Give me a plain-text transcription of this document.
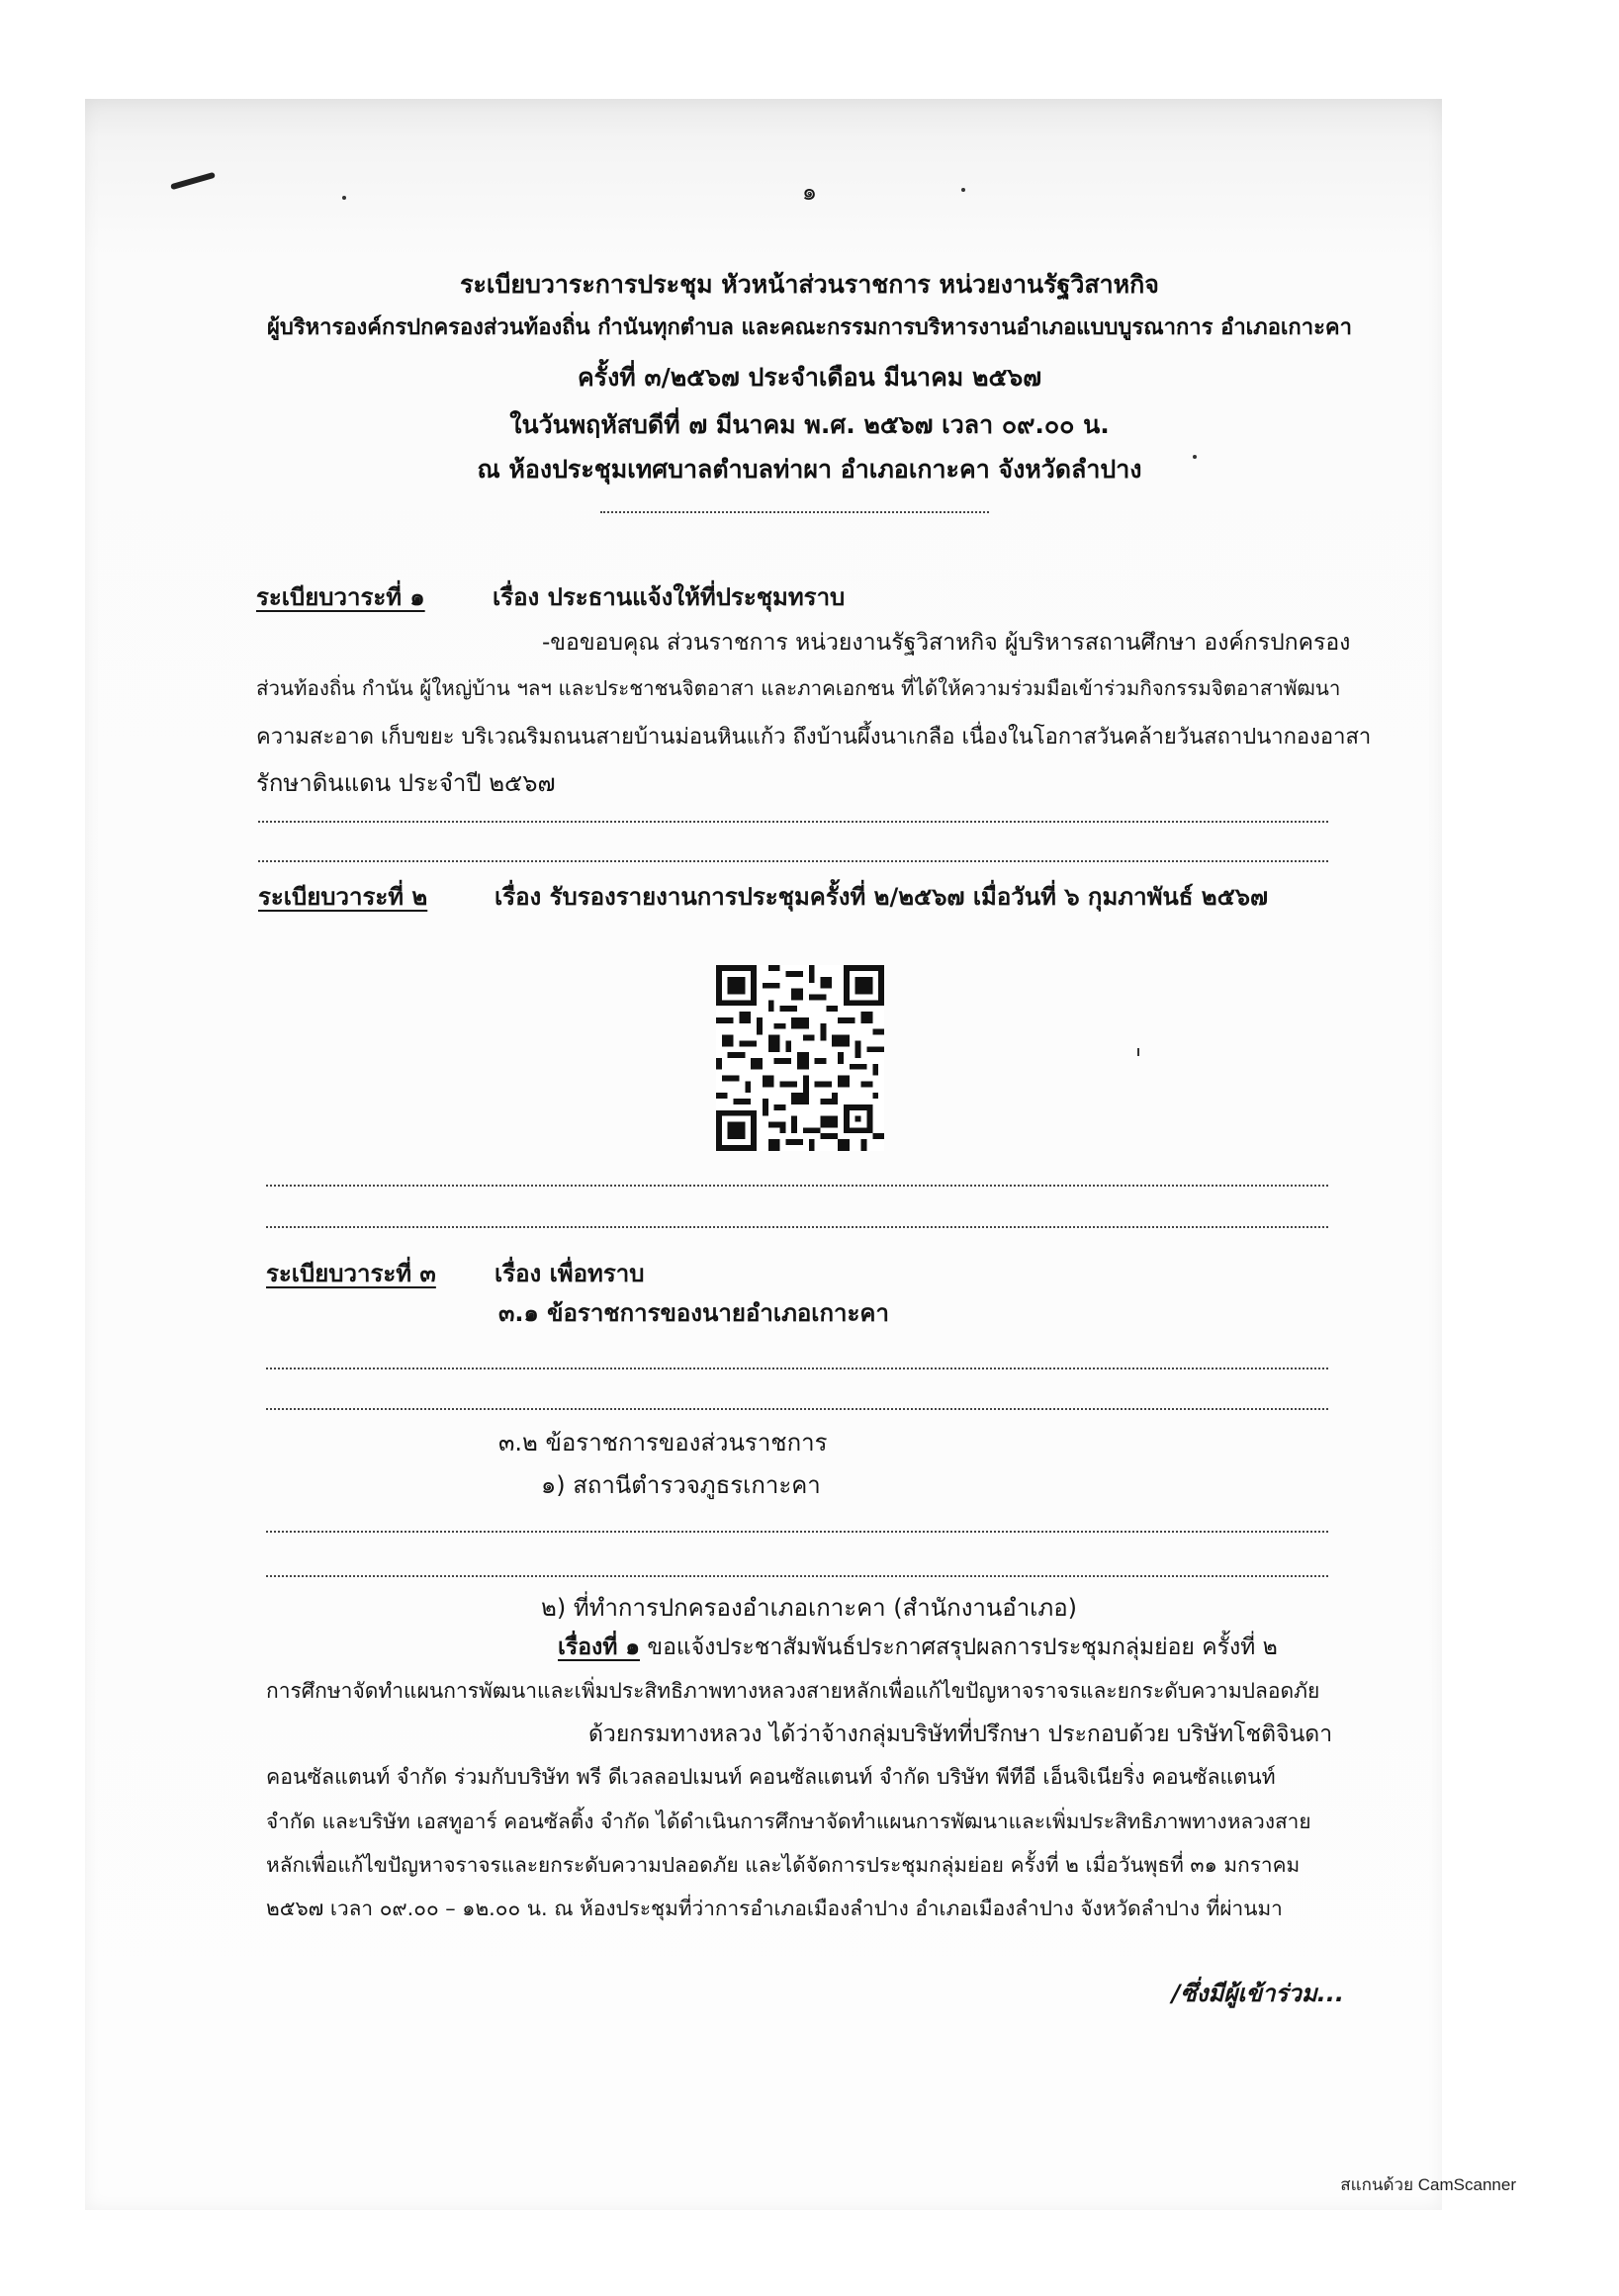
๑
ระเบียบวาระการประชุม หัวหน้าส่วนราชการ หน่วยงานรัฐวิสาหกิจ
ผู้บริหารองค์กรปกครองส่วนท้องถิ่น กำนันทุกตำบล และคณะกรรมการบริหารงานอำเภอแบบบูรณาการ อำเภอเกาะคา
ครั้งที่ ๓/๒๕๖๗ ประจำเดือน มีนาคม ๒๕๖๗
ในวันพฤหัสบดีที่ ๗ มีนาคม พ.ศ. ๒๕๖๗ เวลา ๐๙.๐๐ น.
ณ ห้องประชุมเทศบาลตำบลท่าผา อำเภอเกาะคา จังหวัดลำปาง
ระเบียบวาระที่ ๑	เรื่อง ประธานแจ้งให้ที่ประชุมทราบ
-ขอขอบคุณ ส่วนราชการ หน่วยงานรัฐวิสาหกิจ ผู้บริหารสถานศึกษา องค์กรปกครอง
ส่วนท้องถิ่น กำนัน ผู้ใหญ่บ้าน ฯลฯ และประชาชนจิตอาสา และภาคเอกชน ที่ได้ให้ความร่วมมือเข้าร่วมกิจกรรมจิตอาสาพัฒนา
ความสะอาด เก็บขยะ บริเวณริมถนนสายบ้านม่อนหินแก้ว ถึงบ้านผึ้งนาเกลือ เนื่องในโอกาสวันคล้ายวันสถาปนากองอาสา
รักษาดินแดน ประจำปี ๒๕๖๗
ระเบียบวาระที่ ๒	เรื่อง รับรองรายงานการประชุมครั้งที่ ๒/๒๕๖๗ เมื่อวันที่ ๖ กุมภาพันธ์ ๒๕๖๗
ระเบียบวาระที่ ๓ เรื่อง เพื่อทราบ
๓.๑ ข้อราชการของนายอำเภอเกาะคา
๓.๒ ข้อราชการของส่วนราชการ
๑) สถานีตำรวจภูธรเกาะคา
๒) ที่ทำการปกครองอำเภอเกาะคา (สำนักงานอำเภอ)
เรื่องที่ ๑ ขอแจ้งประชาสัมพันธ์ประกาศสรุปผลการประชุมกลุ่มย่อย ครั้งที่ ๒
การศึกษาจัดทำแผนการพัฒนาและเพิ่มประสิทธิภาพทางหลวงสายหลักเพื่อแก้ไขปัญหาจราจรและยกระดับความปลอดภัย
ด้วยกรมทางหลวง ได้ว่าจ้างกลุ่มบริษัทที่ปรึกษา ประกอบด้วย บริษัทโชติจินดา
คอนซัลแตนท์ จำกัด ร่วมกับบริษัท พรี ดีเวลลอปเมนท์ คอนซัลแตนท์ จำกัด บริษัท พีทีอี เอ็นจิเนียริ่ง คอนซัลแตนท์
จำกัด และบริษัท เอสทูอาร์ คอนซัลติ้ง จำกัด ได้ดำเนินการศึกษาจัดทำแผนการพัฒนาและเพิ่มประสิทธิภาพทางหลวงสาย
หลักเพื่อแก้ไขปัญหาจราจรและยกระดับความปลอดภัย และได้จัดการประชุมกลุ่มย่อย ครั้งที่ ๒ เมื่อวันพุธที่ ๓๑ มกราคม
๒๕๖๗ เวลา ๐๙.๐๐ – ๑๒.๐๐ น. ณ ห้องประชุมที่ว่าการอำเภอเมืองลำปาง อำเภอเมืองลำปาง จังหวัดลำปาง ที่ผ่านมา
/ซึ่งมีผู้เข้าร่วม...
สแกนด้วย CamScanner
